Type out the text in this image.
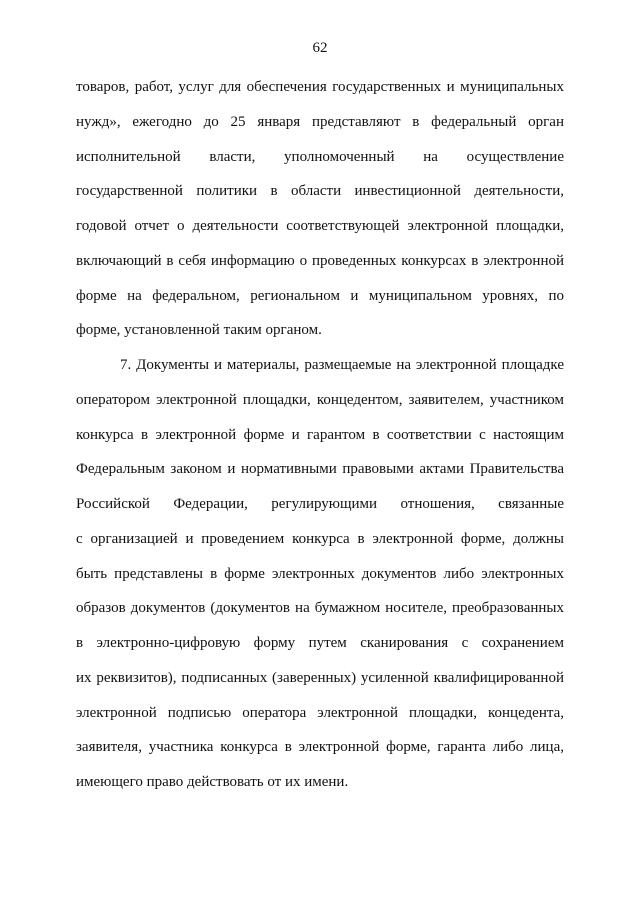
62
товаров, работ, услуг для обеспечения государственных и муниципальных
нужд», ежегодно до 25 января представляют в федеральный орган
исполнительной власти, уполномоченный на осуществление
государственной политики в области инвестиционной деятельности,
годовой отчет о деятельности соответствующей электронной площадки,
включающий в себя информацию о проведенных конкурсах в электронной
форме на федеральном, региональном и муниципальном уровнях, по
форме, установленной таким органом.
7. Документы и материалы, размещаемые на электронной площадке
оператором электронной площадки, концедентом, заявителем, участником
конкурса в электронной форме и гарантом в соответствии с настоящим
Федеральным законом и нормативными правовыми актами Правительства
Российской Федерации, регулирующими отношения, связанные
с организацией и проведением конкурса в электронной форме, должны
быть представлены в форме электронных документов либо электронных
образов документов (документов на бумажном носителе, преобразованных
в электронно-цифровую форму путем сканирования с сохранением
их реквизитов), подписанных (заверенных) усиленной квалифицированной
электронной подписью оператора электронной площадки, концедента,
заявителя, участника конкурса в электронной форме, гаранта либо лица,
имеющего право действовать от их имени.
